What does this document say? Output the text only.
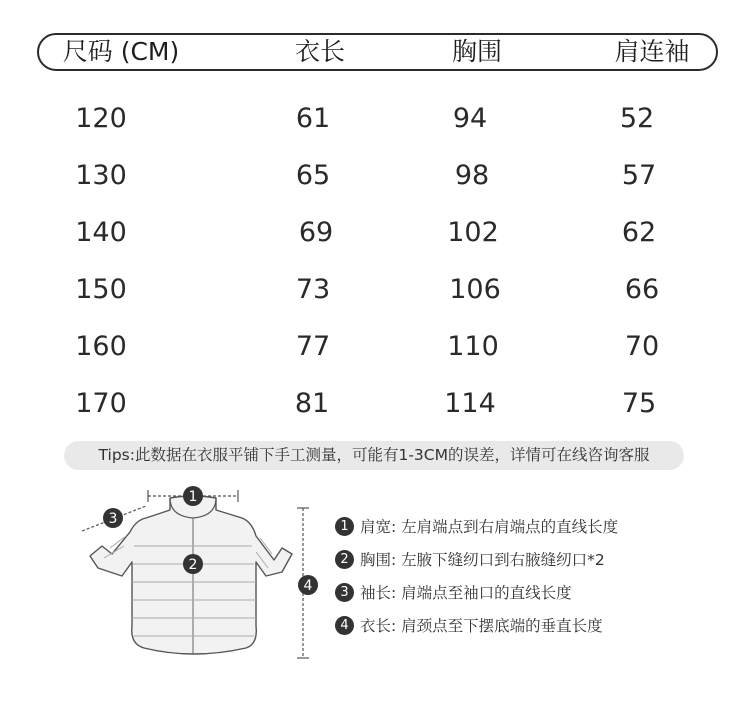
尺码 (CM)	衣长	胸围	肩连袖
120	61	94	52
130	65	98	57
140	69	102	62
150	73	106	66
160	77	110	70
170	81	114	75
Tips:此数据在衣服平铺下手工测量，可能有1-3CM的误差，详情可在线咨询客服
1
2
3
4
1 肩宽: 左肩端点到右肩端点的直线长度
2 胸围: 左腋下缝纫口到右腋缝纫口*2
3 袖长: 肩端点至袖口的直线长度
4 衣长: 肩颈点至下摆底端的垂直长度
